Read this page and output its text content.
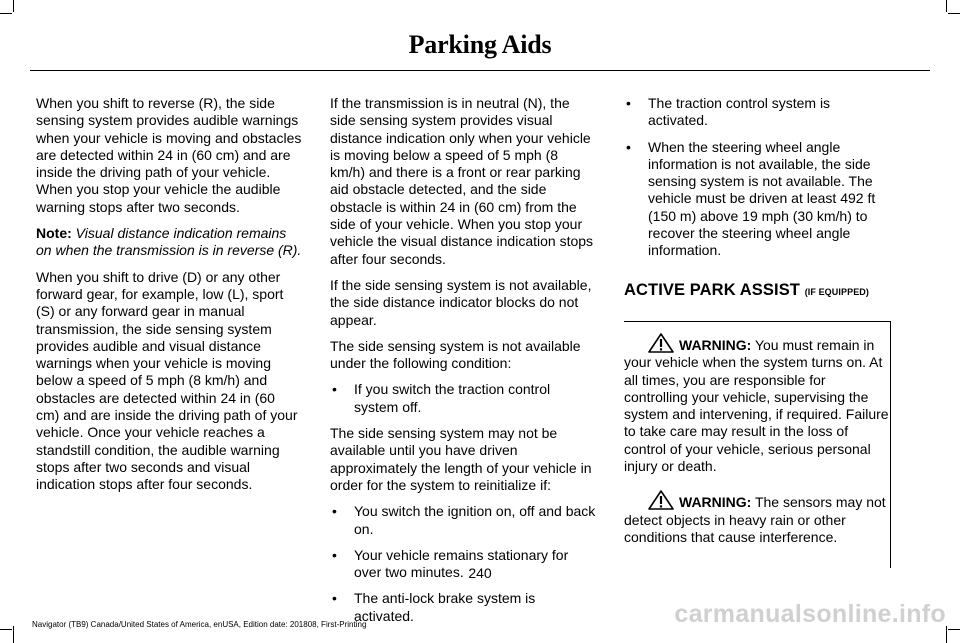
Parking Aids

When you shift to reverse (R), the side sensing system provides audible warnings when your vehicle is moving and obstacles are detected within 24 in (60 cm) and are inside the driving path of your vehicle. When you stop your vehicle the audible warning stops after two seconds.

Note: Visual distance indication remains on when the transmission is in reverse (R).

When you shift to drive (D) or any other forward gear, for example, low (L), sport (S) or any forward gear in manual transmission, the side sensing system provides audible and visual distance warnings when your vehicle is moving below a speed of 5 mph (8 km/h) and obstacles are detected within 24 in (60 cm) and are inside the driving path of your vehicle. Once your vehicle reaches a standstill condition, the audible warning stops after two seconds and visual indication stops after four seconds.

If the transmission is in neutral (N), the side sensing system provides visual distance indication only when your vehicle is moving below a speed of 5 mph (8 km/h) and there is a front or rear parking aid obstacle detected, and the side obstacle is within 24 in (60 cm) from the side of your vehicle. When you stop your vehicle the visual distance indication stops after four seconds.

If the side sensing system is not available, the side distance indicator blocks do not appear.

The side sensing system is not available under the following condition:

• If you switch the traction control system off.

The side sensing system may not be available until you have driven approximately the length of your vehicle in order for the system to reinitialize if:

• You switch the ignition on, off and back on.
• Your vehicle remains stationary for over two minutes.
• The anti-lock brake system is activated.
• The traction control system is activated.
• When the steering wheel angle information is not available, the side sensing system is not available. The vehicle must be driven at least 492 ft (150 m) above 19 mph (30 km/h) to recover the steering wheel angle information.
ACTIVE PARK ASSIST (IF EQUIPPED)
WARNING: You must remain in your vehicle when the system turns on. At all times, you are responsible for controlling your vehicle, supervising the system and intervening, if required. Failure to take care may result in the loss of control of your vehicle, serious personal injury or death.
WARNING: The sensors may not detect objects in heavy rain or other conditions that cause interference.
240
Navigator (TB9) Canada/United States of America, enUSA, Edition date: 201808, First-Printing	carmanualsonline.info
